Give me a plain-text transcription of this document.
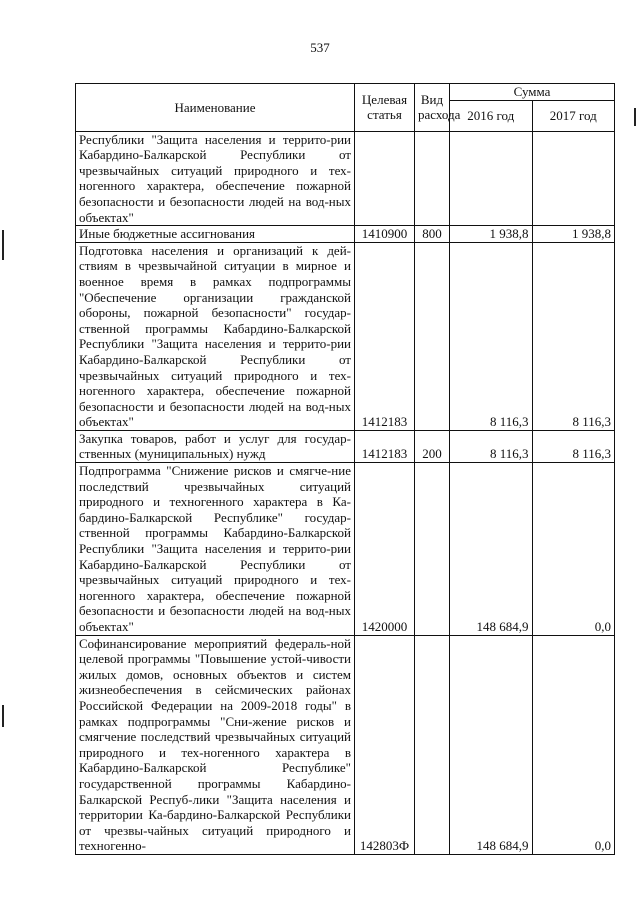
537
Наименование	Целевая статья	Вид расхода	Сумма	
			2016 год	2017 год
Республики "Защита населения и террито-рии Кабардино-Балкарской Республики от чрезвычайных ситуаций природного и тех-ногенного характера, обеспечение пожарной безопасности и безопасности людей на вод-ных объектах"				
Иные бюджетные ассигнования	1410900	800	1 938,8	1 938,8
Подготовка населения и организаций к дей-ствиям в чрезвычайной ситуации в мирное и военное время в рамках подпрограммы "Обеспечение организации гражданской обороны, пожарной безопасности" государ-ственной программы Кабардино-Балкарской Республики "Защита населения и террито-рии Кабардино-Балкарской Республики от чрезвычайных ситуаций природного и тех-ногенного характера, обеспечение пожарной безопасности и безопасности людей на вод-ных объектах"	1412183		8 116,3	8 116,3
Закупка товаров, работ и услуг для государ-ственных (муниципальных) нужд	1412183	200	8 116,3	8 116,3
Подпрограмма "Снижение рисков и смягче-ние последствий чрезвычайных ситуаций природного и техногенного характера в Ка-бардино-Балкарской Республике" государ-ственной программы Кабардино-Балкарской Республики "Защита населения и террито-рии Кабардино-Балкарской Республики от чрезвычайных ситуаций природного и тех-ногенного характера, обеспечение пожарной безопасности и безопасности людей на вод-ных объектах"	1420000		148 684,9	0,0
Софинансирование мероприятий федераль-ной целевой программы "Повышение устой-чивости жилых домов, основных объектов и систем жизнеобеспечения в сейсмических районах Российской Федерации на 2009-2018 годы" в рамках подпрограммы "Сни-жение рисков и смягчение последствий чрезвычайных ситуаций природного и тех-ногенного характера в Кабардино-Балкарской Республике" государственной программы Кабардино-Балкарской Респуб-лики "Защита населения и территории Ка-бардино-Балкарской Республики от чрезвы-чайных ситуаций природного и техногенно-	142803Ф		148 684,9	0,0
